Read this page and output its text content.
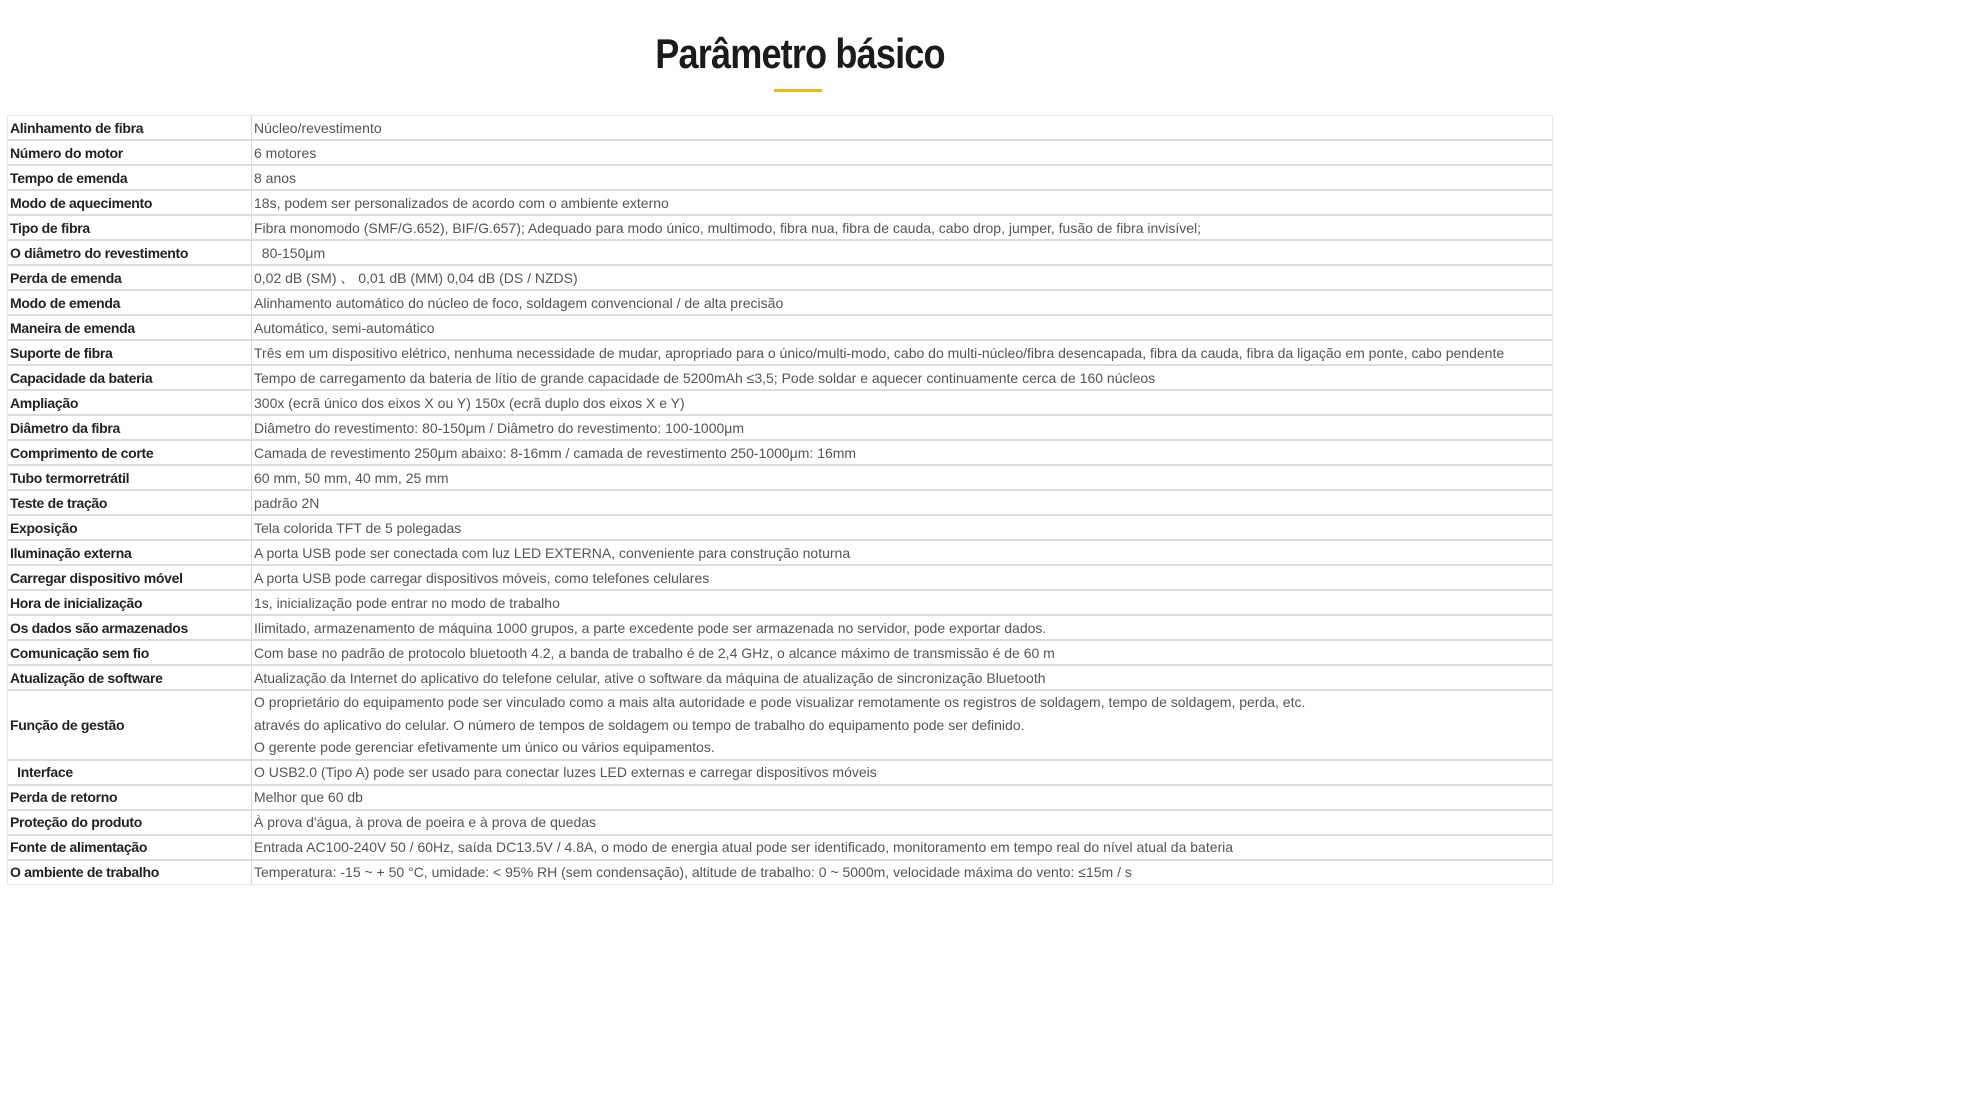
Parâmetro básico
Alinhamento de fibra	Núcleo/revestimento
Número do motor	6 motores
Tempo de emenda	8 anos
Modo de aquecimento	18s, podem ser personalizados de acordo com o ambiente externo
Tipo de fibra	Fibra monomodo (SMF/G.652), BIF/G.657); Adequado para modo único, multimodo, fibra nua, fibra de cauda, cabo drop, jumper, fusão de fibra invisível;
O diâmetro do revestimento	80-150μm
Perda de emenda	0,02 dB (SM) 、 0,01 dB (MM) 0,04 dB (DS / NZDS)
Modo de emenda	Alinhamento automático do núcleo de foco, soldagem convencional / de alta precisão
Maneira de emenda	Automático, semi-automático
Suporte de fibra	Três em um dispositivo elétrico, nenhuma necessidade de mudar, apropriado para o único/multi-modo, cabo do multi-núcleo/fibra desencapada, fibra da cauda, fibra da ligação em ponte, cabo pendente
Capacidade da bateria	Tempo de carregamento da bateria de lítio de grande capacidade de 5200mAh ≤3,5; Pode soldar e aquecer continuamente cerca de 160 núcleos
Ampliação	300x (ecrã único dos eixos X ou Y) 150x (ecrã duplo dos eixos X e Y)
Diâmetro da fibra	Diâmetro do revestimento: 80-150μm / Diâmetro do revestimento: 100-1000μm
Comprimento de corte	Camada de revestimento 250μm abaixo: 8-16mm / camada de revestimento 250-1000μm: 16mm
Tubo termorretrátil	60 mm, 50 mm, 40 mm, 25 mm
Teste de tração	padrão 2N
Exposição	Tela colorida TFT de 5 polegadas
Iluminação externa	A porta USB pode ser conectada com luz LED EXTERNA, conveniente para construção noturna
Carregar dispositivo móvel	A porta USB pode carregar dispositivos móveis, como telefones celulares
Hora de inicialização	1s, inicialização pode entrar no modo de trabalho
Os dados são armazenados	Ilimitado, armazenamento de máquina 1000 grupos, a parte excedente pode ser armazenada no servidor, pode exportar dados.
Comunicação sem fio	Com base no padrão de protocolo bluetooth 4.2, a banda de trabalho é de 2,4 GHz, o alcance máximo de transmissão é de 60 m
Atualização de software	Atualização da Internet do aplicativo do telefone celular, ative o software da máquina de atualização de sincronização Bluetooth
Função de gestão	O proprietário do equipamento pode ser vinculado como a mais alta autoridade e pode visualizar remotamente os registros de soldagem, tempo de soldagem, perda, etc.
através do aplicativo do celular. O número de tempos de soldagem ou tempo de trabalho do equipamento pode ser definido.
O gerente pode gerenciar efetivamente um único ou vários equipamentos.

Interface	O USB2.0 (Tipo A) pode ser usado para conectar luzes LED externas e carregar dispositivos móveis
Perda de retorno	Melhor que 60 db
Proteção do produto	À prova d'água, à prova de poeira e à prova de quedas
Fonte de alimentação	Entrada AC100-240V 50 / 60Hz, saída DC13.5V / 4.8A, o modo de energia atual pode ser identificado, monitoramento em tempo real do nível atual da bateria
O ambiente de trabalho	Temperatura: -15 ~ + 50 °C, umidade: < 95% RH (sem condensação), altitude de trabalho: 0 ~ 5000m, velocidade máxima do vento: ≤15m / s
